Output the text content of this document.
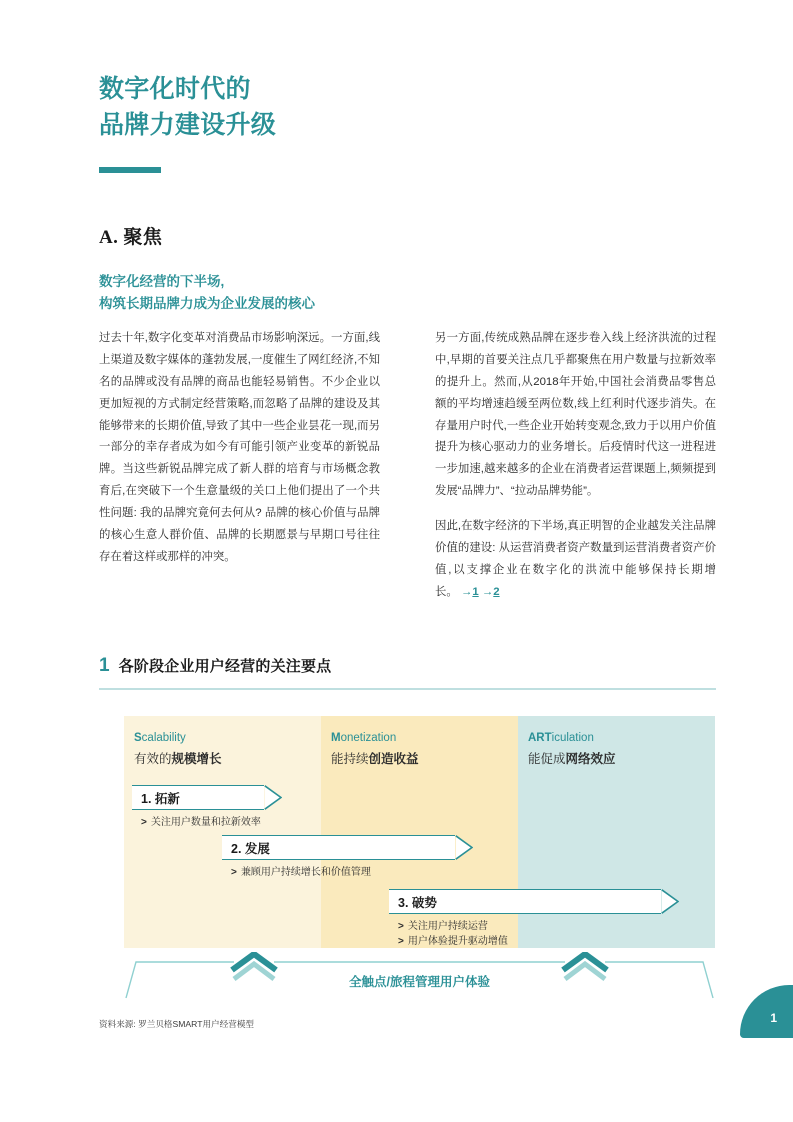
数字化时代的
品牌力建设升级
A. 聚焦
数字化经营的下半场,
构筑长期品牌力成为企业发展的核心

过去十年,数字化变革对消费品市场影响深远。一方面,线上渠道及数字媒体的蓬勃发展,一度催生了网红经济,不知名的品牌或没有品牌的商品也能轻易销售。不少企业以更加短视的方式制定经营策略,而忽略了品牌的建设及其能够带来的长期价值,导致了其中一些企业昙花一现,而另一部分的幸存者成为如今有可能引领产业变革的新锐品牌。当这些新锐品牌完成了新人群的培育与市场概念教育后,在突破下一个生意量级的关口上他们提出了一个共性问题: 我的品牌究竟何去何从? 品牌的核心价值与品牌的核心生意人群价值、品牌的长期愿景与早期口号往往存在着这样或那样的冲突。

另一方面,传统成熟品牌在逐步卷入线上经济洪流的过程中,早期的首要关注点几乎都聚焦在用户数量与拉新效率的提升上。然而,从2018年开始,中国社会消费品零售总额的平均增速趋缓至两位数,线上红利时代逐步消失。在存量用户时代,一些企业开始转变观念,致力于以用户价值提升为核心驱动力的业务增长。后疫情时代这一进程进一步加速,越来越多的企业在消费者运营课题上,频频提到发展“品牌力”、“拉动品牌势能”。

因此,在数字经济的下半场,真正明智的企业越发关注品牌价值的建设: 从运营消费者资产数量到运营消费者资产价值,以支撑企业在数字化的洪流中能够保持长期增长。 →1 →2

1 各阶段企业用户经营的关注要点
Scalability
有效的规模增长
Monetization
能持续创造收益
ARTiculation
能促成网络效应
1. 拓新
> 关注用户数量和拉新效率
2. 发展
> 兼顾用户持续增长和价值管理
3. 破势
> 关注用户持续运营
> 用户体验提升驱动增值
全触点/旅程管理用户体验
资料来源: 罗兰贝格SMART用户经营模型	1
